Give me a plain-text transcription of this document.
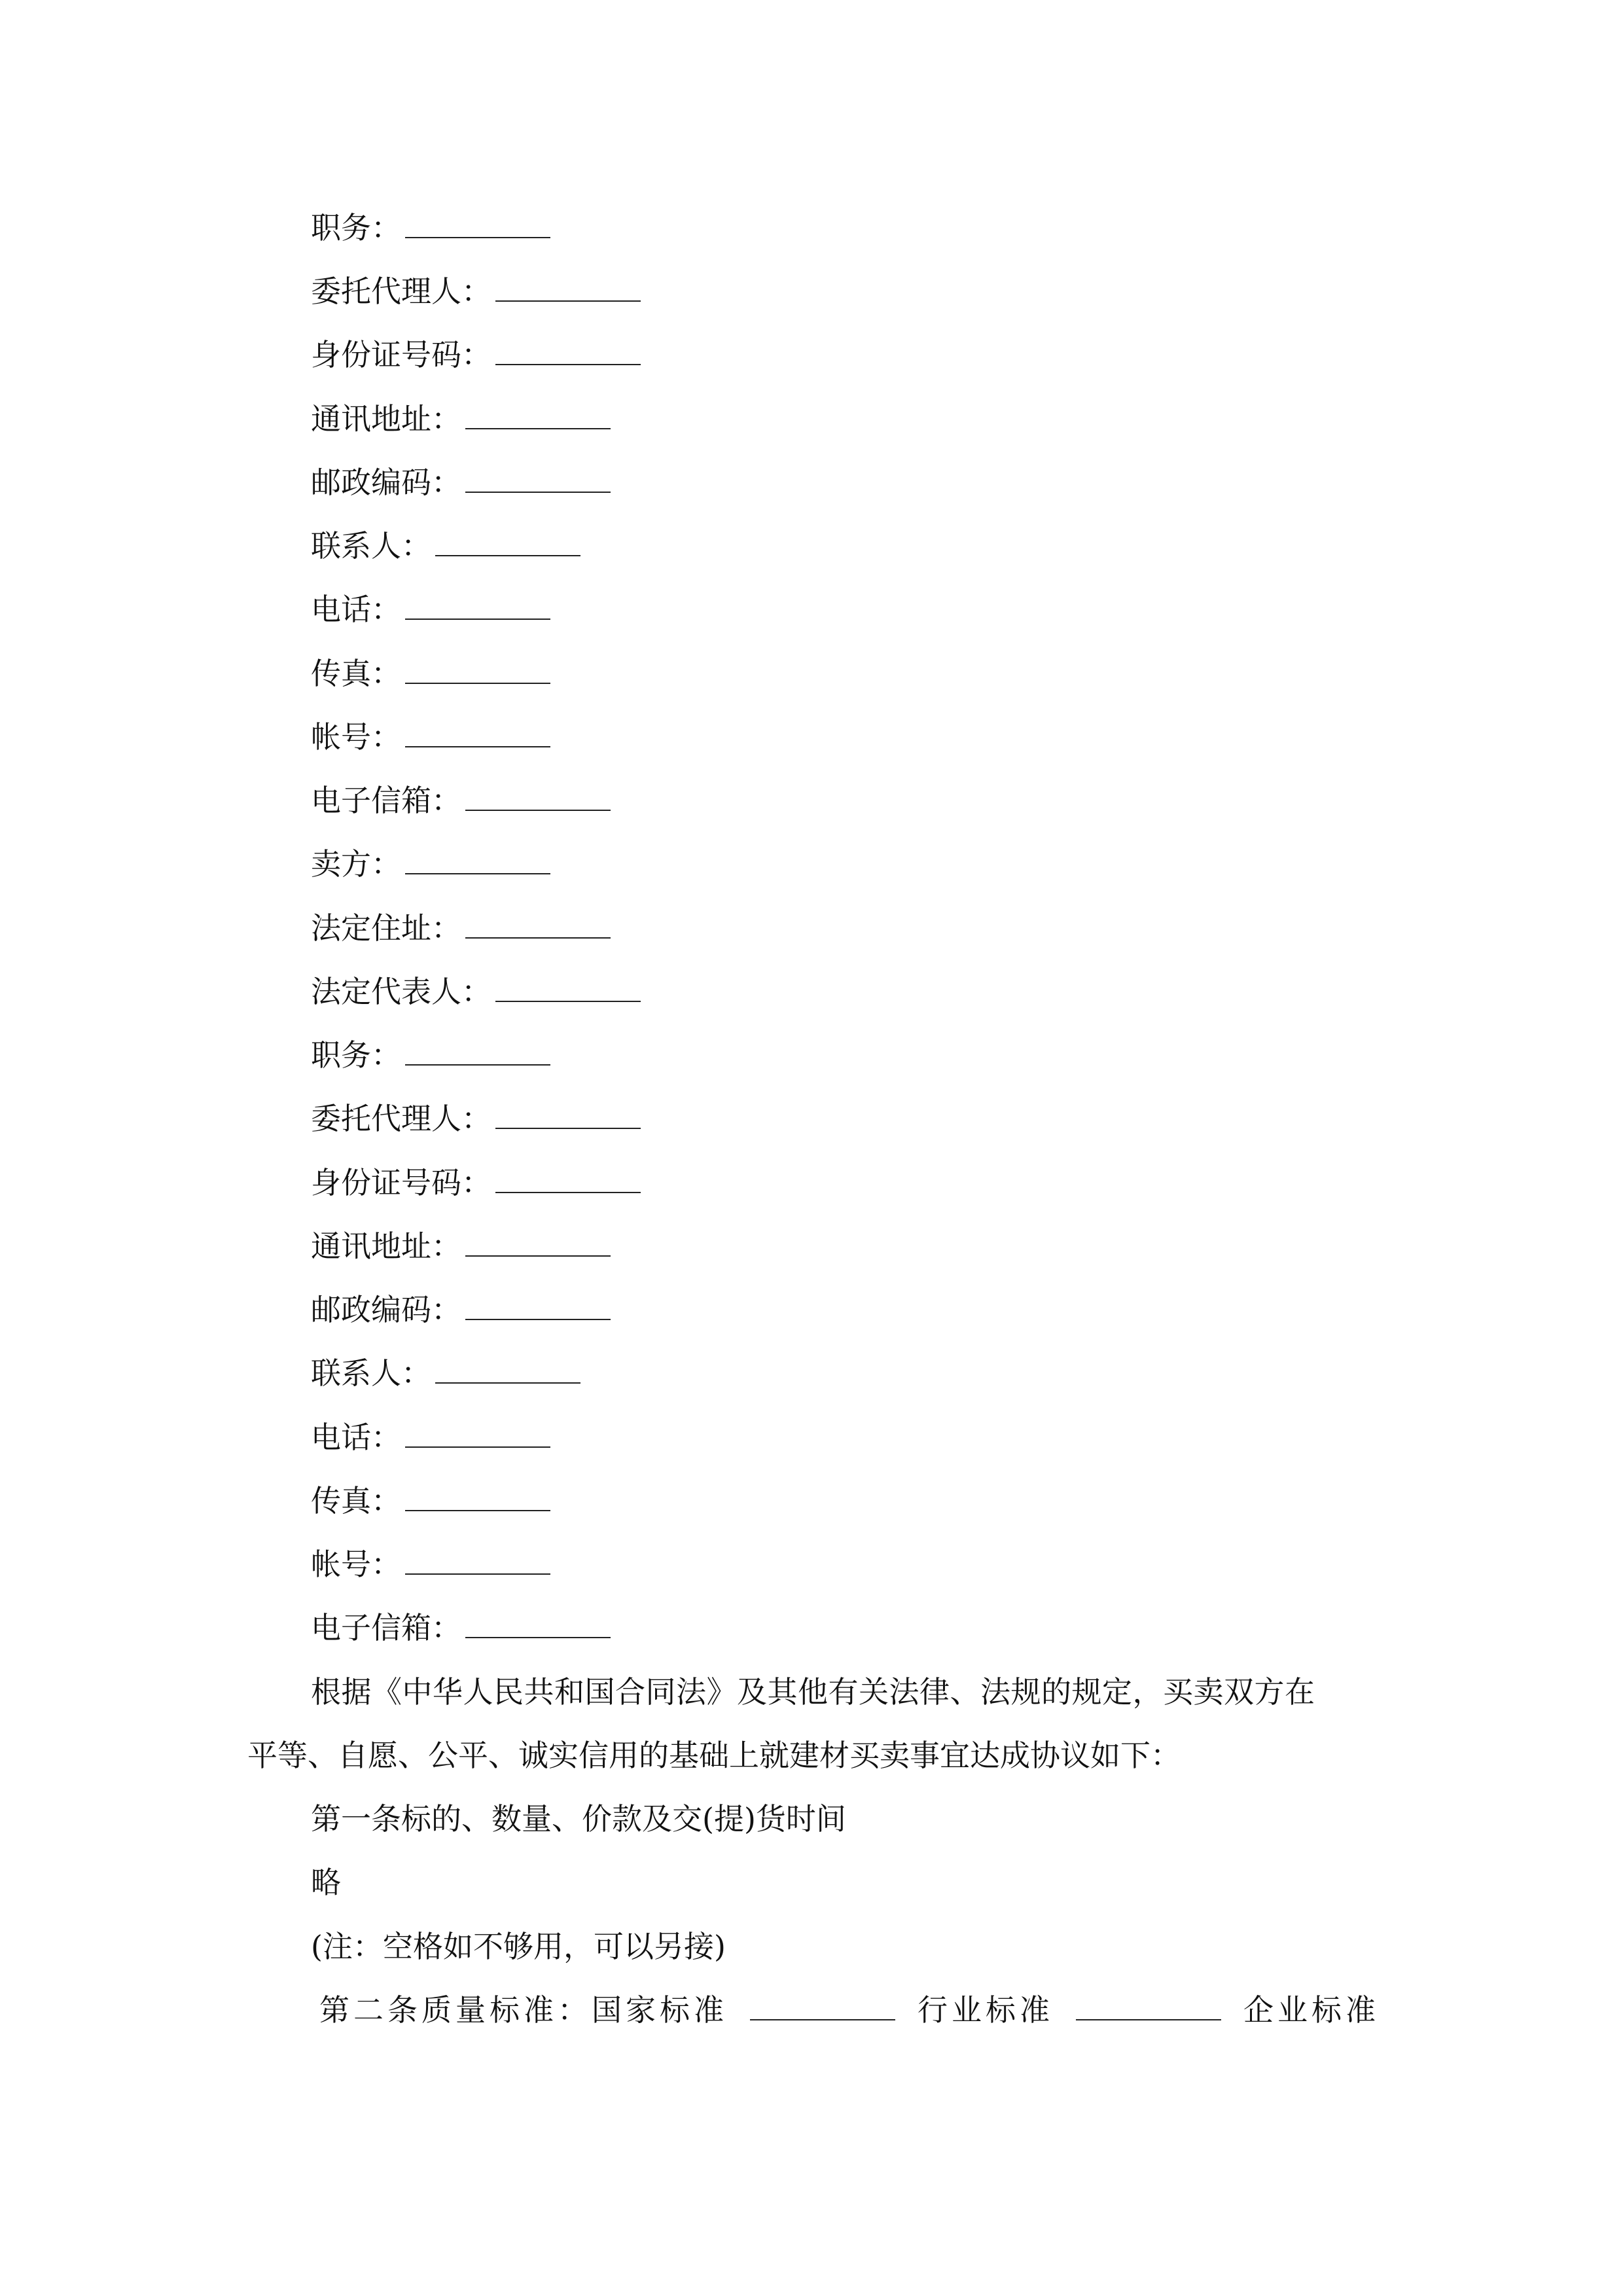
职务：
委托代理人：
身份证号码：
通讯地址：
邮政编码：
联系人：
电话：
传真：
帐号：
电子信箱：
卖方：
法定住址：
法定代表人：
职务：
委托代理人：
身份证号码：
通讯地址：
邮政编码：
联系人：
电话：
传真：
帐号：
电子信箱：
根据《中华人民共和国合同法》及其他有关法律、法规的规定，买卖双方在
平等、自愿、公平、诚实信用的基础上就建材买卖事宜达成协议如下：
第一条标的、数量、价款及交(提)货时间
略
(注：空格如不够用，可以另接)
第二条质量标准：国家标准	行业标准	企业标准
